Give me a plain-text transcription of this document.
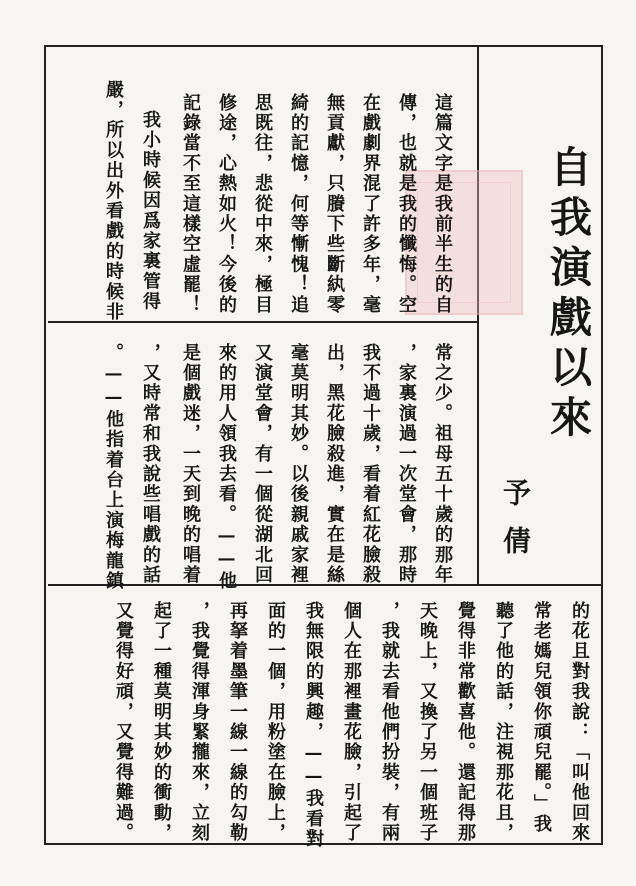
自我演戲以來
予倩
這篇文字是我前半生的自
傳，也就是我的懺悔。空
在戲劇界混了許多年，毫
無貢獻，只賸下些斷紈零
綺的記憶，何等慚愧！追
思既往，悲從中來，極目
修途，心熱如火！今後的
記錄當不至這樣空虛罷！
我小時候因爲家裏管得
嚴，所以出外看戲的時候非
常之少。祖母五十歲的那年
，家裏演過一次堂會，那時
我不過十歲，看着紅花臉殺
出，黑花臉殺進，實在是絲
毫莫明其妙。以後親戚家裡
又演堂會，有一個從湖北回
來的用人領我去看。——他
是個戲迷，一天到晚的唱着
，又時常和我說些唱戲的話
。——他指着台上演梅龍鎮
的花且對我說：「叫他回來
常老媽兒領你頑兒罷。」我
聽了他的話，注視那花且，
覺得非常歡喜他。還記得那
天晚上，又換了另一個班子
，我就去看他們扮裝，有兩
個人在那裡畫花臉，引起了
我無限的興趣，——我看對
面的一個，用粉塗在臉上，
再拏着墨筆一線一線的勾勒
，我覺得渾身緊攏來，立刻
起了一種莫明其妙的衝動，
又覺得好頑，又覺得難過。
